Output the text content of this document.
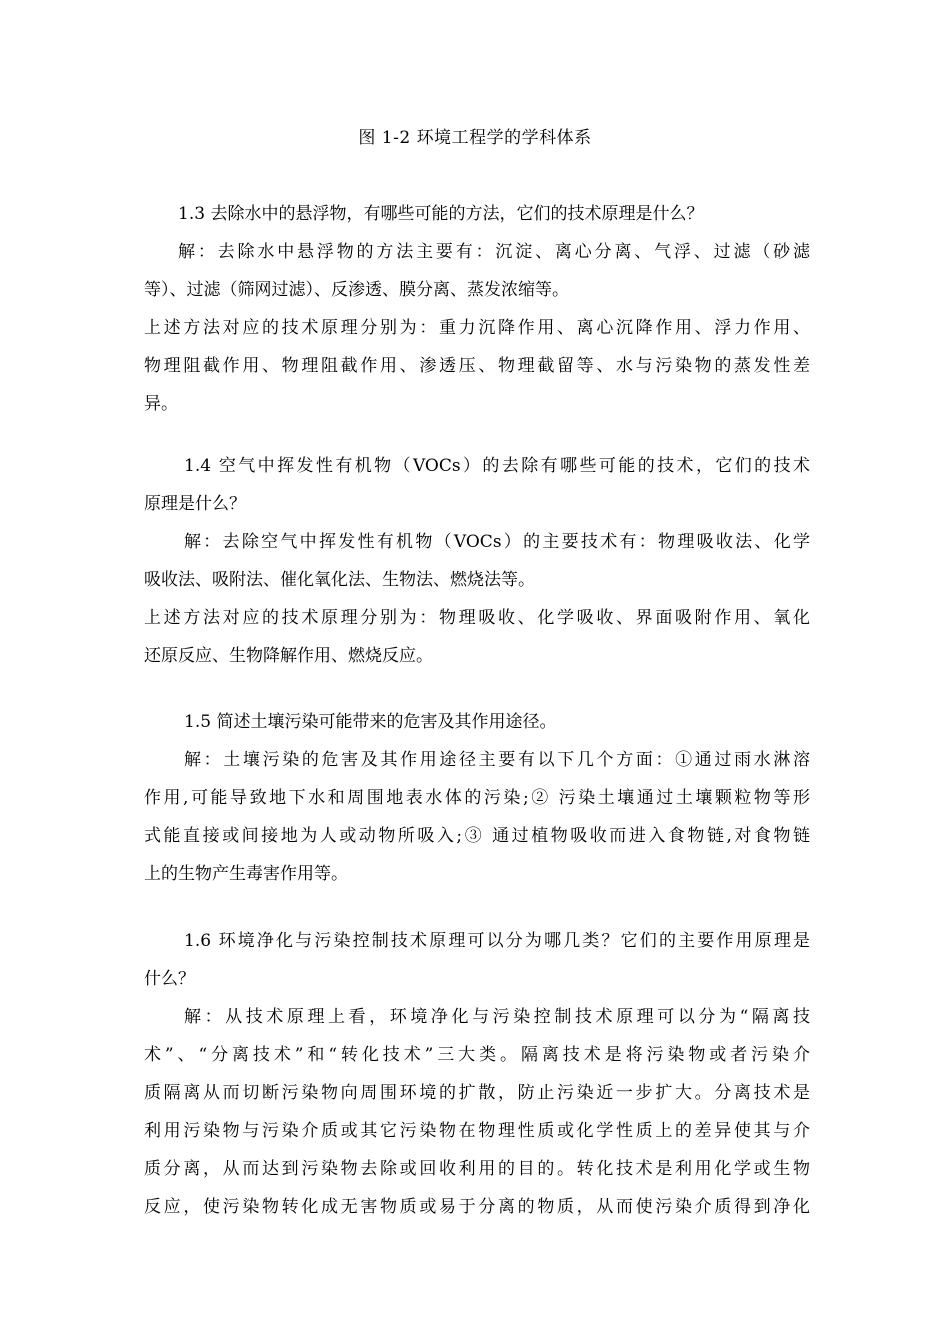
图 1-2 环境工程学的学科体系
1.3 去除水中的悬浮物，有哪些可能的方法，它们的技术原理是什么？
解：去除水中悬浮物的方法主要有：沉淀、离心分离、气浮、过滤（砂滤
等）、过滤（筛网过滤）、反渗透、膜分离、蒸发浓缩等。
上述方法对应的技术原理分别为：重力沉降作用、离心沉降作用、浮力作用、
物理阻截作用、物理阻截作用、渗透压、物理截留等、水与污染物的蒸发性差
异。
1.4 空气中挥发性有机物（VOCs）的去除有哪些可能的技术，它们的技术
原理是什么？
解：去除空气中挥发性有机物（VOCs）的主要技术有：物理吸收法、化学
吸收法、吸附法、催化氧化法、生物法、燃烧法等。
上述方法对应的技术原理分别为：物理吸收、化学吸收、界面吸附作用、氧化
还原反应、生物降解作用、燃烧反应。
1.5 简述土壤污染可能带来的危害及其作用途径。
解：土壤污染的危害及其作用途径主要有以下几个方面：①通过雨水淋溶
作用,可能导致地下水和周围地表水体的污染;② 污染土壤通过土壤颗粒物等形
式能直接或间接地为人或动物所吸入;③ 通过植物吸收而进入食物链,对食物链
上的生物产生毒害作用等。
1.6 环境净化与污染控制技术原理可以分为哪几类？它们的主要作用原理是
什么？
解：从技术原理上看，环境净化与污染控制技术原理可以分为“隔离技
术”、“分离技术”和“转化技术”三大类。隔离技术是将污染物或者污染介
质隔离从而切断污染物向周围环境的扩散，防止污染近一步扩大。分离技术是
利用污染物与污染介质或其它污染物在物理性质或化学性质上的差异使其与介
质分离，从而达到污染物去除或回收利用的目的。转化技术是利用化学或生物
反应，使污染物转化成无害物质或易于分离的物质，从而使污染介质得到净化
